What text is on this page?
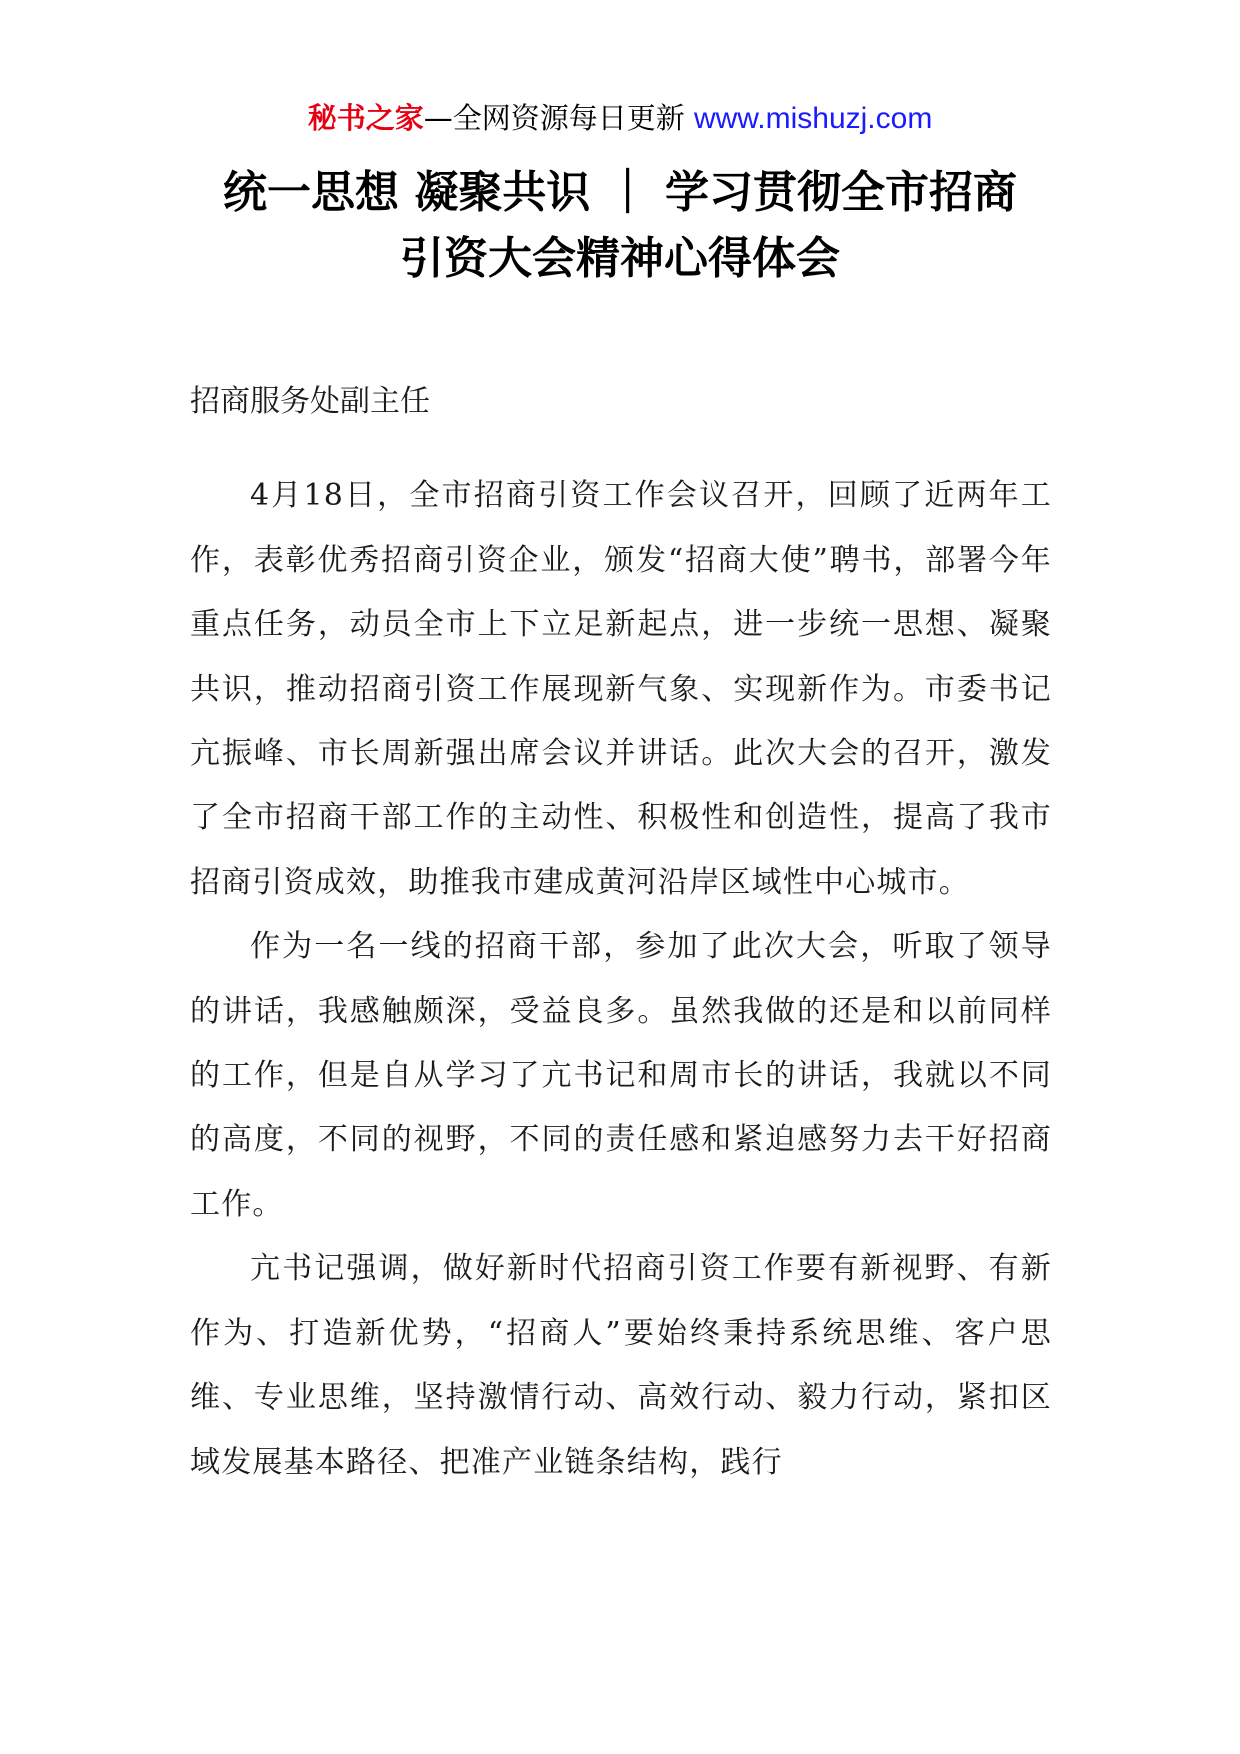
秘书之家—全网资源每日更新 www.mishuzj.com
统一思想 凝聚共识 ｜ 学习贯彻全市招商
引资大会精神心得体会

招商服务处副主任

4月18日，全市招商引资工作会议召开，回顾了近两年工作，表彰优秀招商引资企业，颁发“招商大使”聘书，部署今年重点任务，动员全市上下立足新起点，进一步统一思想、凝聚共识，推动招商引资工作展现新气象、实现新作为。市委书记亢振峰、市长周新强出席会议并讲话。此次大会的召开，激发了全市招商干部工作的主动性、积极性和创造性，提高了我市招商引资成效，助推我市建成黄河沿岸区域性中心城市。

作为一名一线的招商干部，参加了此次大会，听取了领导的讲话，我感触颇深，受益良多。虽然我做的还是和以前同样的工作，但是自从学习了亢书记和周市长的讲话，我就以不同的高度，不同的视野，不同的责任感和紧迫感努力去干好招商工作。

亢书记强调，做好新时代招商引资工作要有新视野、有新作为、打造新优势，“招商人”要始终秉持系统思维、客户思维、专业思维，坚持激情行动、高效行动、毅力行动，紧扣区域发展基本路径、把准产业链条结构，践行
